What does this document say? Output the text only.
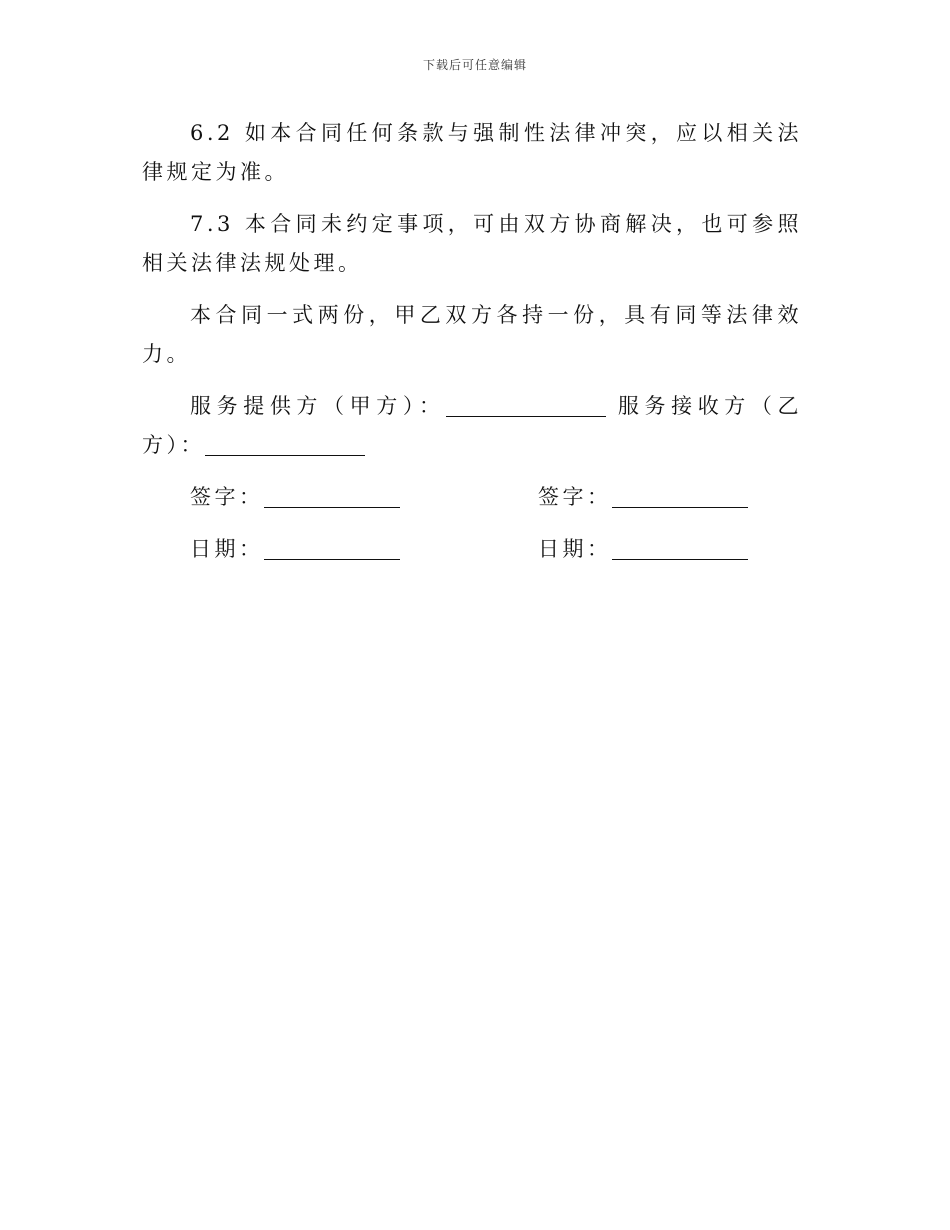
下载后可任意编辑

6.2 如本合同任何条款与强制性法律冲突，应以相关法律规定为准。

7.3 本合同未约定事项，可由双方协商解决，也可参照相关法律法规处理。

本合同一式两份，甲乙双方各持一份，具有同等法律效力。

服务提供方（甲方）：	服务接收方（乙方）：

签字：	签字：
日期：	日期：
